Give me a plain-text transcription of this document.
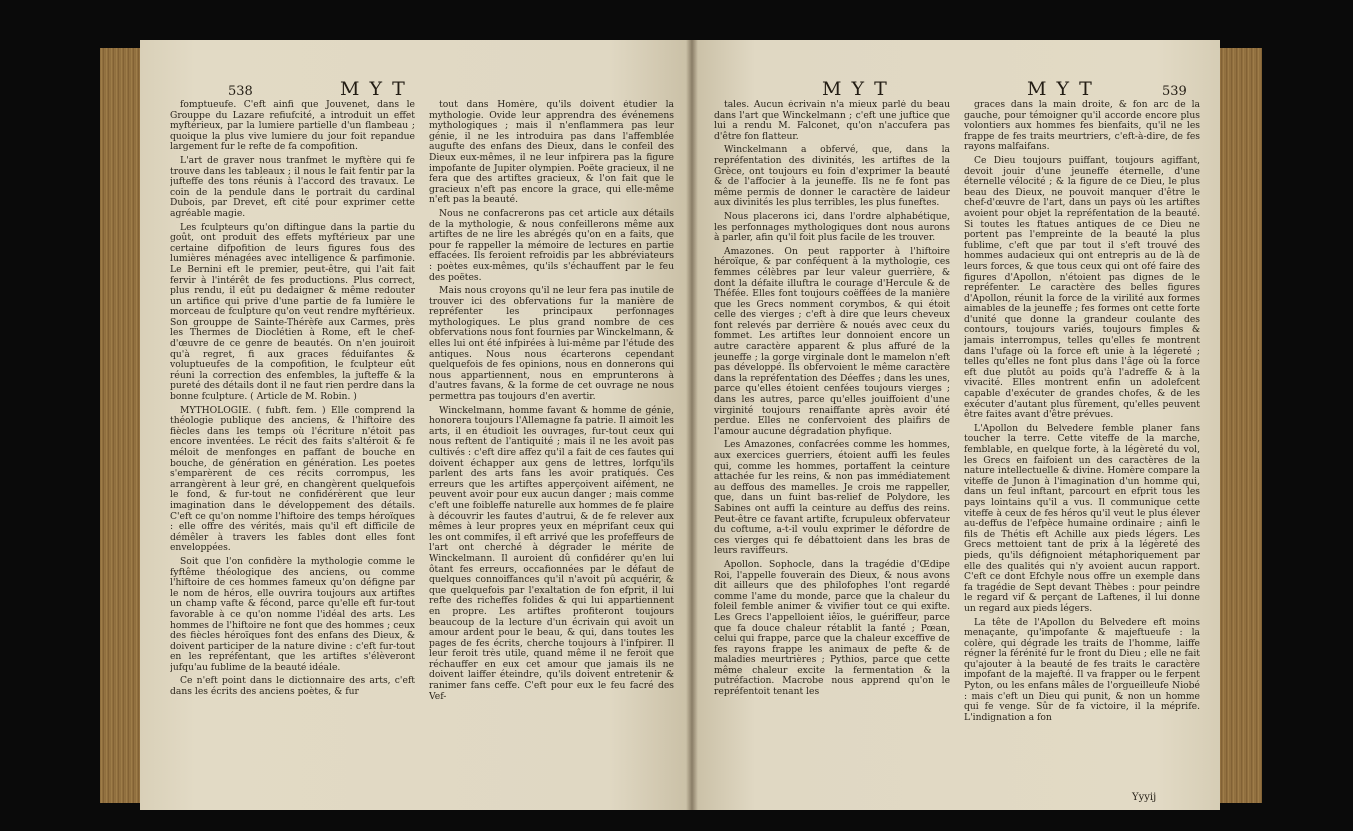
538	M Y T

fomptueufe. C'eft ainfi que Jouvenet, dans le Grouppe du Lazare refiufcité, a introduit un effet myftérieux, par la lumiere partielle d'un flambeau ; quoique la plus vive lumiere du jour foit repandue largement fur le refte de fa compofition.

L'art de graver nous tranfmet le myftère qui fe trouve dans les tableaux ; il nous le fait fentir par la jufteffe des tons réunis à l'accord des travaux. Le coin de la pendule dans le portrait du cardinal Dubois, par Drevet, eft cité pour exprimer cette agréable magie.

Les fculpteurs qu'on diftingue dans la partie du goût, ont produit des effets myftérieux par une certaine difpofition de leurs figures fous des lumières ménagées avec intelligence & parfimonie. Le Bernini eft le premier, peut-être, qui l'ait fait fervir à l'intérêt de fes productions. Plus correct, plus rendu, il eût pu dedaigner & même redouter un artifice qui prive d'une partie de fa lumière le morceau de fculpture qu'on veut rendre myftérieux. Son grouppe de Sainte-Thérèfe aux Carmes, près les Thermes de Dioclétien à Rome, eft le chef-d'œuvre de ce genre de beautés. On n'en jouiroit qu'à regret, fi aux graces féduifantes & voluptueufes de la compofition, le fculpteur eût réuni la correction des enfembles, la jufteffe & la pureté des détails dont il ne faut rien perdre dans la bonne fculpture. ( Article de M. Robin. )

MYTHOLOGIE. ( fubft. fem. ) Elle comprend la théologie publique des anciens, & l'hiftoire des fiècles dans les temps où l'écriture n'étoit pas encore inventées. Le récit des faits s'altéroit & fe méloit de menfonges en paffant de bouche en bouche, de génération en génération. Les poetes s'emparèrent de ces récits corrompus, les arrangèrent à leur gré, en changèrent quelquefois le fond, & fur-tout ne confidérèrent que leur imagination dans le développement des détails. C'eft ce qu'on nomme l'hiftoire des temps héroïques : elle offre des vérités, mais qu'il eft difficile de démêler à travers les fables dont elles font enveloppées.

Soit que l'on confidère la mythologie comme le fyftême théologique des anciens, ou comme l'hiftoire de ces hommes fameux qu'on défigne par le nom de héros, elle ouvrira toujours aux artiftes un champ vafte & fécond, parce qu'elle eft fur-tout favorable à ce qu'on nomme l'idéal des arts. Les hommes de l'hiftoire ne font que des hommes ; ceux des fiècles héroïques font des enfans des Dieux, & doivent participer de la nature divine : c'eft fur-tout en les repréfentant, que les artiftes s'élèveront jufqu'au fublime de la beauté idéale.

Ce n'eft point dans le dictionnaire des arts, c'eft dans les écrits des anciens poètes, & fur

tout dans Homère, qu'ils doivent étudier la mythologie. Ovide leur apprendra des événemens mythologiques ; mais il n'enflammera pas leur génie, il ne les introduira pas dans l'affemblée augufte des enfans des Dieux, dans le confeil des Dieux eux-mêmes, il ne leur infpirera pas la figure impofante de Jupiter olympien. Poëte gracieux, il ne fera que des artiftes gracieux, & l'on fait que le gracieux n'eft pas encore la grace, qui elle-même n'eft pas la beauté.

Nous ne confacrerons pas cet article aux détails de la mythologie, & nous confeillerons même aux artiftes de ne lire les abrégés qu'on en a faits, que pour fe rappeller la mémoire de lectures en partie effacées. Ils feroient refroidis par les abbréviateurs : poètes eux-mêmes, qu'ils s'échauffent par le feu des poëtes.

Mais nous croyons qu'il ne leur fera pas inutile de trouver ici des obfervations fur la manière de repréfenter les principaux perfonnages mythologiques. Le plus grand nombre de ces obfervations nous font fournies par Winckelmann, & elles lui ont été infpirées à lui-même par l'étude des antiques. Nous nous écarterons cependant quelquefois de fes opinions, nous en donnerons qui nous appartiennent, nous en emprunterons à d'autres favans, & la forme de cet ouvrage ne nous permettra pas toujours d'en avertir.

Winckelmann, homme favant & homme de génie, honorera toujours l'Allemagne fa patrie. Il aimoit les arts, il en étudioit les ouvrages, fur-tout ceux qui nous reftent de l'antiquité ; mais il ne les avoit pas cultivés : c'eft dire affez qu'il a fait de ces fautes qui doivent échapper aux gens de lettres, lorfqu'ils parlent des arts fans les avoir pratiqués. Ces erreurs que les artiftes apperçoivent aifément, ne peuvent avoir pour eux aucun danger ; mais comme c'eft une foibleffe naturelle aux hommes de fe plaire à découvrir les fautes d'autrui, & de fe relever aux mêmes à leur propres yeux en méprifant ceux qui les ont commifes, il eft arrivé que les profeffeurs de l'art ont cherché à dégrader le mérite de Winckelmann. Il auroient dû confidérer qu'en lui ôtant fes erreurs, occafionnées par le défaut de quelques connoiffances qu'il n'avoit pû acquérir, & que quelquefois par l'exaltation de fon efprit, il lui refte des richeffes folides & qui lui appartiennent en propre. Les artiftes profiteront toujours beaucoup de la lecture d'un écrivain qui avoit un amour ardent pour le beau, & qui, dans toutes les pages de fes écrits, cherche toujours à l'infpirer. Il leur feroit très utile, quand même il ne feroit que réchauffer en eux cet amour que jamais ils ne doivent laiffer éteindre, qu'ils doivent entretenir & ranimer fans ceffe. C'eft pour eux le feu facré des Vef-

M Y T	M Y T	539

tales. Aucun écrivain n'a mieux parlé du beau dans l'art que Winckelmann ; c'eft une juftice que lui a rendu M. Falconet, qu'on n'accufera pas d'être fon flatteur.

Winckelmann a obfervé, que, dans la repréfentation des divinités, les artiftes de la Grèce, ont toujours eu foin d'exprimer la beauté & de l'affocier à la jeuneffe. Ils ne fe font pas même permis de donner le caractère de laideur aux divinités les plus terribles, les plus funeftes.

Nous placerons ici, dans l'ordre alphabétique, les perfonnages mythologiques dont nous aurons à parler, afin qu'il foit plus facile de les trouver.

Amazones. On peut rapporter à l'hiftoire héroïque, & par conféquent à la mythologie, ces femmes célèbres par leur valeur guerrière, & dont la défaite illuftra le courage d'Hercule & de Théfée. Elles font toujours coëffées de la manière que les Grecs nomment corymbos, & qui étoit celle des vierges ; c'eft à dire que leurs cheveux font relevés par derrière & noués avec ceux du fommet. Les artiftes leur donnoient encore un autre caractère apparent & plus affuré de la jeuneffe ; la gorge virginale dont le mamelon n'eft pas développé. Ils obfervoient le même caractère dans la repréfentation des Déeffes ; dans les unes, parce qu'elles étoient cenfées toujours vierges ; dans les autres, parce qu'elles jouiffoient d'une virginité toujours renaiffante après avoir été perdue. Elles ne confervoient des plaifirs de l'amour aucune dégradation phyfique.

Les Amazones, confacrées comme les hommes, aux exercices guerriers, étoient auffi les feules qui, comme les hommes, portaffent la ceinture attachée fur les reins, & non pas immédiatement au deffous des mamelles. Je crois me rappeller, que, dans un fuint bas-relief de Polydore, les Sabines ont auffi la ceinture au deffus des reins. Peut-être ce favant artifte, fcrupuleux obfervateur du coftume, a-t-il voulu exprimer le défordre de ces vierges qui fe débattoient dans les bras de leurs raviffeurs.

Apollon. Sophocle, dans la tragédie d'Œdipe Roi, l'appelle fouverain des Dieux, & nous avons dit ailleurs que des philofophes l'ont regardé comme l'ame du monde, parce que la chaleur du foleil femble animer & vivifier tout ce qui exifte. Les Grecs l'appelloient iêïos, le guériffeur, parce que fa douce chaleur rétablit la fanté ; Pœan, celui qui frappe, parce que la chaleur exceffive de fes rayons frappe les animaux de pefte & de maladies meurtrières ; Pythios, parce que cette même chaleur excite la fermentation & la putréfaction. Macrobe nous apprend qu'on le repréfentoit tenant les

graces dans la main droite, & fon arc de la gauche, pour témoigner qu'il accorde encore plus volontiers aux hommes fes bienfaits, qu'il ne les frappe de fes traits meurtriers, c'eft-à-dire, de fes rayons malfaifans.

Ce Dieu toujours puiffant, toujours agiffant, devoit jouir d'une jeuneffe éternelle, d'une éternelle vélocité ; & la figure de ce Dieu, le plus beau des Dieux, ne pouvoit manquer d'être le chef-d'œuvre de l'art, dans un pays où les artiftes avoient pour objet la repréfentation de la beauté. Si toutes les ftatues antiques de ce Dieu ne portent pas l'empreinte de la beauté la plus fublime, c'eft que par tout il s'eft trouvé des hommes audacieux qui ont entrepris au de là de leurs forces, & que tous ceux qui ont ofé faire des figures d'Apollon, n'étoient pas dignes de le repréfenter. Le caractère des belles figures d'Apollon, réunit la force de la virilité aux formes aimables de la jeuneffe ; fes formes ont cette forte d'unité que donne la grandeur coulante des contours, toujours variés, toujours fimples & jamais interrompus, telles qu'elles fe montrent dans l'ufage où la force eft unie à la légereté ; telles qu'elles ne font plus dans l'âge où la force eft due plutôt au poids qu'à l'adreffe & à la vivacité. Elles montrent enfin un adolefcent capable d'exécuter de grandes chofes, & de les exécuter d'autant plus fûrement, qu'elles peuvent être faites avant d'être prévues.

L'Apollon du Belvedere femble planer fans toucher la terre. Cette viteffe de la marche, femblable, en quelque forte, à la légèreté du vol, les Grecs en faifoient un des caractères de la nature intellectuelle & divine. Homère compare la viteffe de Junon à l'imagination d'un homme qui, dans un feul inftant, parcourt en efprit tous les pays lointains qu'il a vus. Il communique cette viteffe à ceux de fes héros qu'il veut le plus élever au-deffus de l'efpèce humaine ordinaire ; ainfi le fils de Thétis eft Achille aux pieds légers. Les Grecs mettoient tant de prix à la légèreté des pieds, qu'ils défignoient métaphoriquement par elle des qualités qui n'y avoient aucun rapport. C'eft ce dont Efchyle nous offre un exemple dans fa tragédie de Sept devant Thèbes : pour peindre le regard vif & perçant de Laftenes, il lui donne un regard aux pieds légers.

La tête de l'Apollon du Belvedere eft moins menaçante, qu'impofante & majeftueufe : la colère, qui dégrade les traits de l'homme, laiffe régner la férénité fur le front du Dieu ; elle ne fait qu'ajouter à la beauté de fes traits le caractère impofant de la majefté. Il va frapper ou le ferpent Pyton, ou les enfans mâles de l'orgueilleufe Niobé : mais c'eft un Dieu qui punit, & non un homme qui fe venge. Sûr de fa victoire, il la méprife. L'indignation a fon

Yyyij
